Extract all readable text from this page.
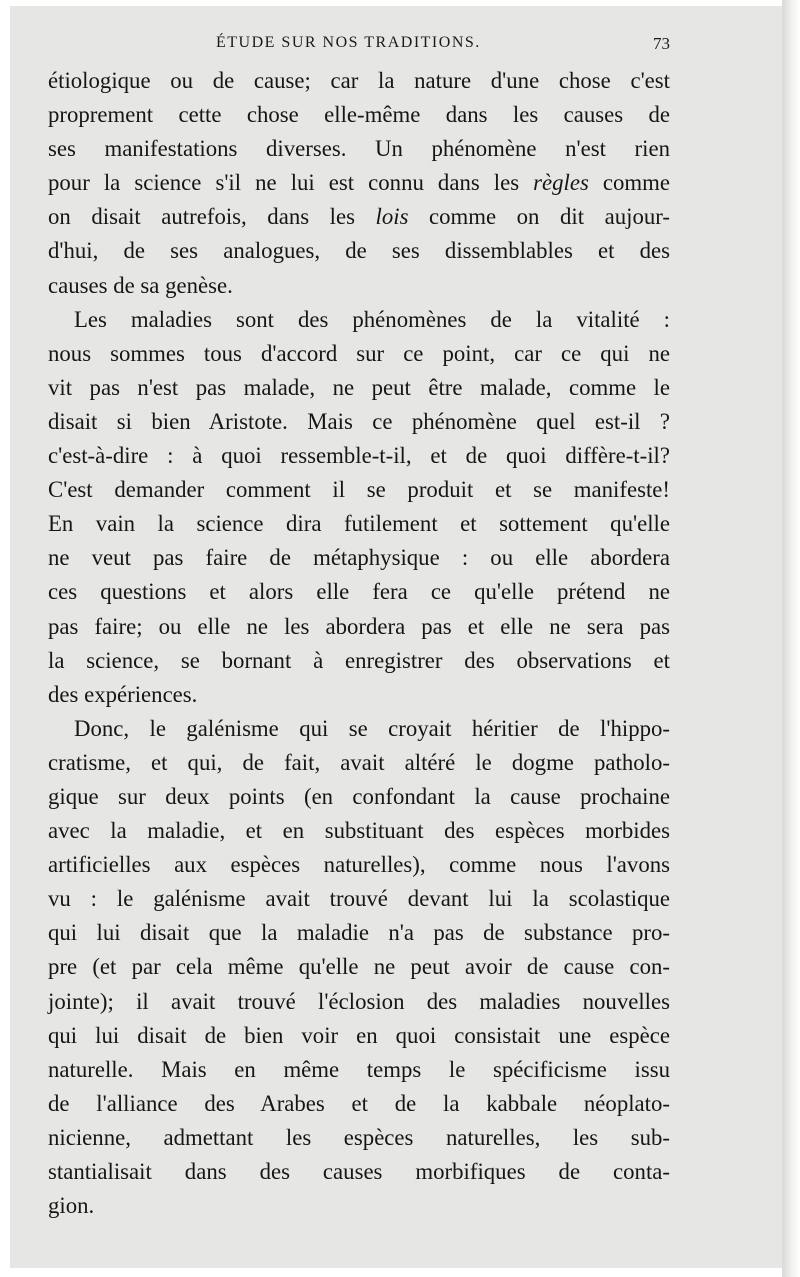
ÉTUDE SUR NOS TRADITIONS.	73
étiologique ou de cause; car la nature d'une chose c'est
proprement cette chose elle-même dans les causes de
ses manifestations diverses. Un phénomène n'est rien
pour la science s'il ne lui est connu dans les règles comme
on disait autrefois, dans les lois comme on dit aujour-
d'hui, de ses analogues, de ses dissemblables et des
causes de sa genèse.
Les maladies sont des phénomènes de la vitalité :
nous sommes tous d'accord sur ce point, car ce qui ne
vit pas n'est pas malade, ne peut être malade, comme le
disait si bien Aristote. Mais ce phénomène quel est-il ?
c'est-à-dire : à quoi ressemble-t-il, et de quoi diffère-t-il?
C'est demander comment il se produit et se manifeste!
En vain la science dira futilement et sottement qu'elle
ne veut pas faire de métaphysique : ou elle abordera
ces questions et alors elle fera ce qu'elle prétend ne
pas faire; ou elle ne les abordera pas et elle ne sera pas
la science, se bornant à enregistrer des observations et
des expériences.
Donc, le galénisme qui se croyait héritier de l'hippo-
cratisme, et qui, de fait, avait altéré le dogme patholo-
gique sur deux points (en confondant la cause prochaine
avec la maladie, et en substituant des espèces morbides
artificielles aux espèces naturelles), comme nous l'avons
vu : le galénisme avait trouvé devant lui la scolastique
qui lui disait que la maladie n'a pas de substance pro-
pre (et par cela même qu'elle ne peut avoir de cause con-
jointe); il avait trouvé l'éclosion des maladies nouvelles
qui lui disait de bien voir en quoi consistait une espèce
naturelle. Mais en même temps le spécificisme issu
de l'alliance des Arabes et de la kabbale néoplato-
nicienne, admettant les espèces naturelles, les sub-
stantialisait dans des causes morbifiques de conta-
gion.
